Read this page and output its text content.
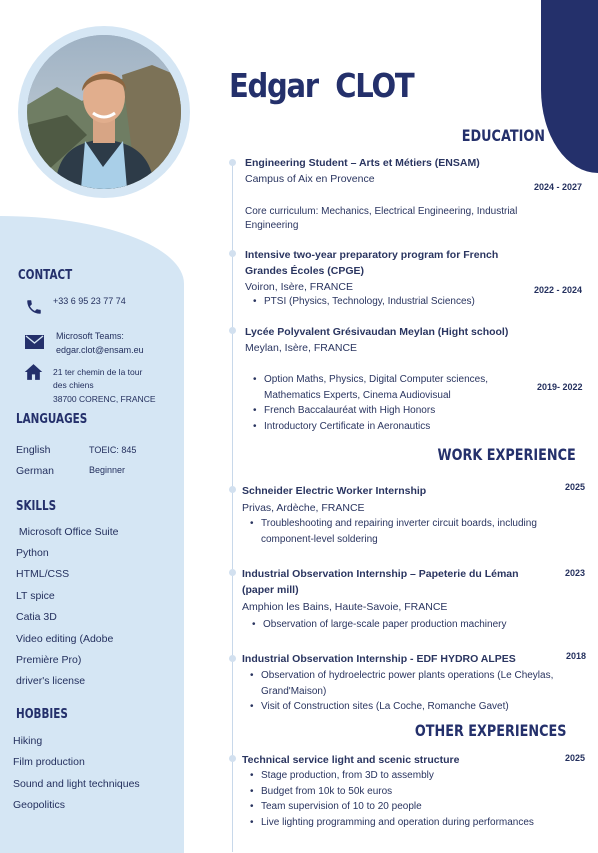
Edgar  CLOT
EDUCATION
WORK EXPERIENCE
OTHER EXPERIENCES
Engineering Student – Arts et Métiers (ENSAM)
Campus of Aix en Provence
2024 - 2027
Core curriculum: Mechanics, Electrical Engineering, Industrial
Engineering
Intensive two-year preparatory program for French
Grandes Écoles (CPGE)
Voiron, Isère, FRANCE	2022 - 2024
• PTSI (Physics, Technology, Industrial Sciences)
Lycée Polyvalent Grésivaudan Meylan (Hight school)
Meylan, Isère, FRANCE
2019- 2022
• Option Maths, Physics, Digital Computer sciences,
Mathematics Experts, Cinema Audiovisual
• French Baccalauréat with High Honors
• Introductory Certificate in Aeronautics
Schneider Electric Worker Internship	2025
Privas, Ardèche, FRANCE
• Troubleshooting and repairing inverter circuit boards, including
component-level soldering
Industrial Observation Internship – Papeterie du Léman	2023
(paper mill)
Amphion les Bains, Haute-Savoie, FRANCE
• Observation of large-scale paper production machinery
Industrial Observation Internship - EDF HYDRO ALPES	2018
• Observation of hydroelectric power plants operations (Le Cheylas,
Grand'Maison)
• Visit of Construction sites (La Coche, Romanche Gavet)
Technical service light and scenic structure	2025
• Stage production, from 3D to assembly
• Budget from 10k to 50k euros
• Team supervision of 10 to 20 people
• Live lighting programming and operation during performances
CONTACT
+33 6 95 23 77 74
Microsoft Teams:
edgar.clot@ensam.eu
21 ter chemin de la tour
des chiens
38700 CORENC, FRANCE
LANGUAGES
English	TOEIC: 845
German	Beginner
SKILLS
Microsoft Office Suite
Python
HTML/CSS
LT spice
Catia 3D
Video editing (Adobe
Première Pro)
driver's license
HOBBIES
Hiking
Film production
Sound and light techniques
Geopolitics
